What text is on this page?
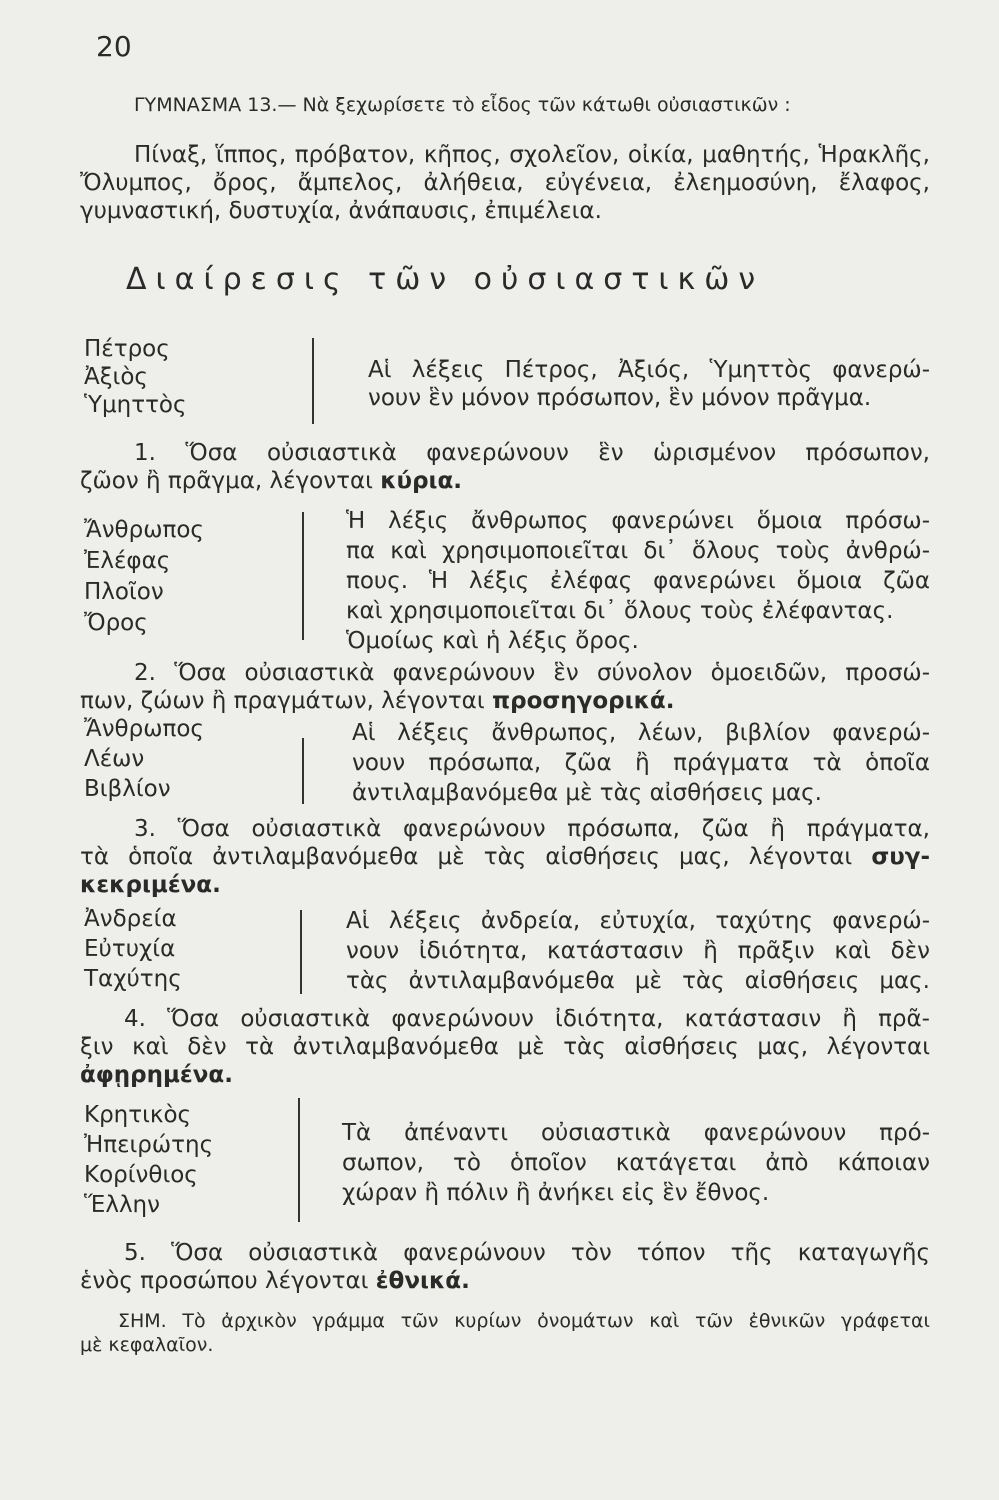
20
ΓΥΜΝΑΣΜΑ 13.— Νὰ ξεχωρίσετε τὸ εἶδος τῶν κάτωθι οὐσιαστικῶν :
Πίναξ, ἵππος, πρόβατον, κῆπος, σχολεῖον, οἰκία, μαθητής, Ἡρακλῆς,
Ὄλυμπος, ὄρος, ἄμπελος, ἀλήθεια, εὐγένεια, ἐλεημοσύνη, ἔλαφος,
γυμναστική, δυστυχία, ἀνάπαυσις, ἐπιμέλεια.
Διαίρεσις τῶν οὐσιαστικῶν
Πέτρος
Ἀξιὸς
Ὑμηττὸς
Αἱ λέξεις Πέτρος, Ἀξιός, Ὑμηττὸς φανερώ-
νουν ἓν μόνον πρόσωπον, ἓν μόνον πρᾶγμα.
1. Ὅσα οὐσιαστικὰ φανερώνουν ἓν ὡρισμένον πρόσωπον,
ζῶον ἢ πρᾶγμα, λέγονται κύρια.
Ἄνθρωπος
Ἐλέφας
Πλοῖον
Ὄρος
Ἡ λέξις ἄνθρωπος φανερώνει ὅμοια πρόσω-
πα καὶ χρησιμοποιεῖται δι᾿ ὅλους τοὺς ἀνθρώ-
πους. Ἡ λέξις ἐλέφας φανερώνει ὅμοια ζῶα
καὶ χρησιμοποιεῖται δι᾿ ὅλους τοὺς ἐλέφαντας.
Ὁμοίως καὶ ἡ λέξις ὄρος.
2. Ὅσα οὐσιαστικὰ φανερώνουν ἓν σύνολον ὁμοειδῶν, προσώ-
πων, ζώων ἢ πραγμάτων, λέγονται προσηγορικά.
Ἄνθρωπος
Λέων
Βιβλίον
Αἱ λέξεις ἄνθρωπος, λέων, βιβλίον φανερώ-
νουν πρόσωπα, ζῶα ἢ πράγματα τὰ ὁποῖα
ἀντιλαμβανόμεθα μὲ τὰς αἰσθήσεις μας.
3. Ὅσα οὐσιαστικὰ φανερώνουν πρόσωπα, ζῶα ἢ πράγματα,
τὰ ὁποῖα ἀντιλαμβανόμεθα μὲ τὰς αἰσθήσεις μας, λέγονται συγ-
κεκριμένα.
Ἀνδρεία
Εὐτυχία
Ταχύτης
Αἱ λέξεις ἀνδρεία, εὐτυχία, ταχύτης φανερώ-
νουν ἰδιότητα, κατάστασιν ἢ πρᾶξιν καὶ δὲν
τὰς ἀντιλαμβανόμεθα μὲ τὰς αἰσθήσεις μας.
4. Ὅσα οὐσιαστικὰ φανερώνουν ἰδιότητα, κατάστασιν ἢ πρᾶ-
ξιν καὶ δὲν τὰ ἀντιλαμβανόμεθα μὲ τὰς αἰσθήσεις μας, λέγονται
ἀφῃρημένα.
Κρητικὸς
Ἠπειρώτης
Κορίνθιος
Ἕλλην
Τὰ ἀπέναντι οὐσιαστικὰ φανερώνουν πρό-
σωπον, τὸ ὁποῖον κατάγεται ἀπὸ κάποιαν
χώραν ἢ πόλιν ἢ ἀνήκει εἰς ἓν ἔθνος.
5. Ὅσα οὐσιαστικὰ φανερώνουν τὸν τόπον τῆς καταγωγῆς
ἑνὸς προσώπου λέγονται ἐθνικά.
ΣΗΜ. Τὸ ἀρχικὸν γράμμα τῶν κυρίων ὀνομάτων καὶ τῶν ἐθνικῶν γράφεται
μὲ κεφαλαῖον.
